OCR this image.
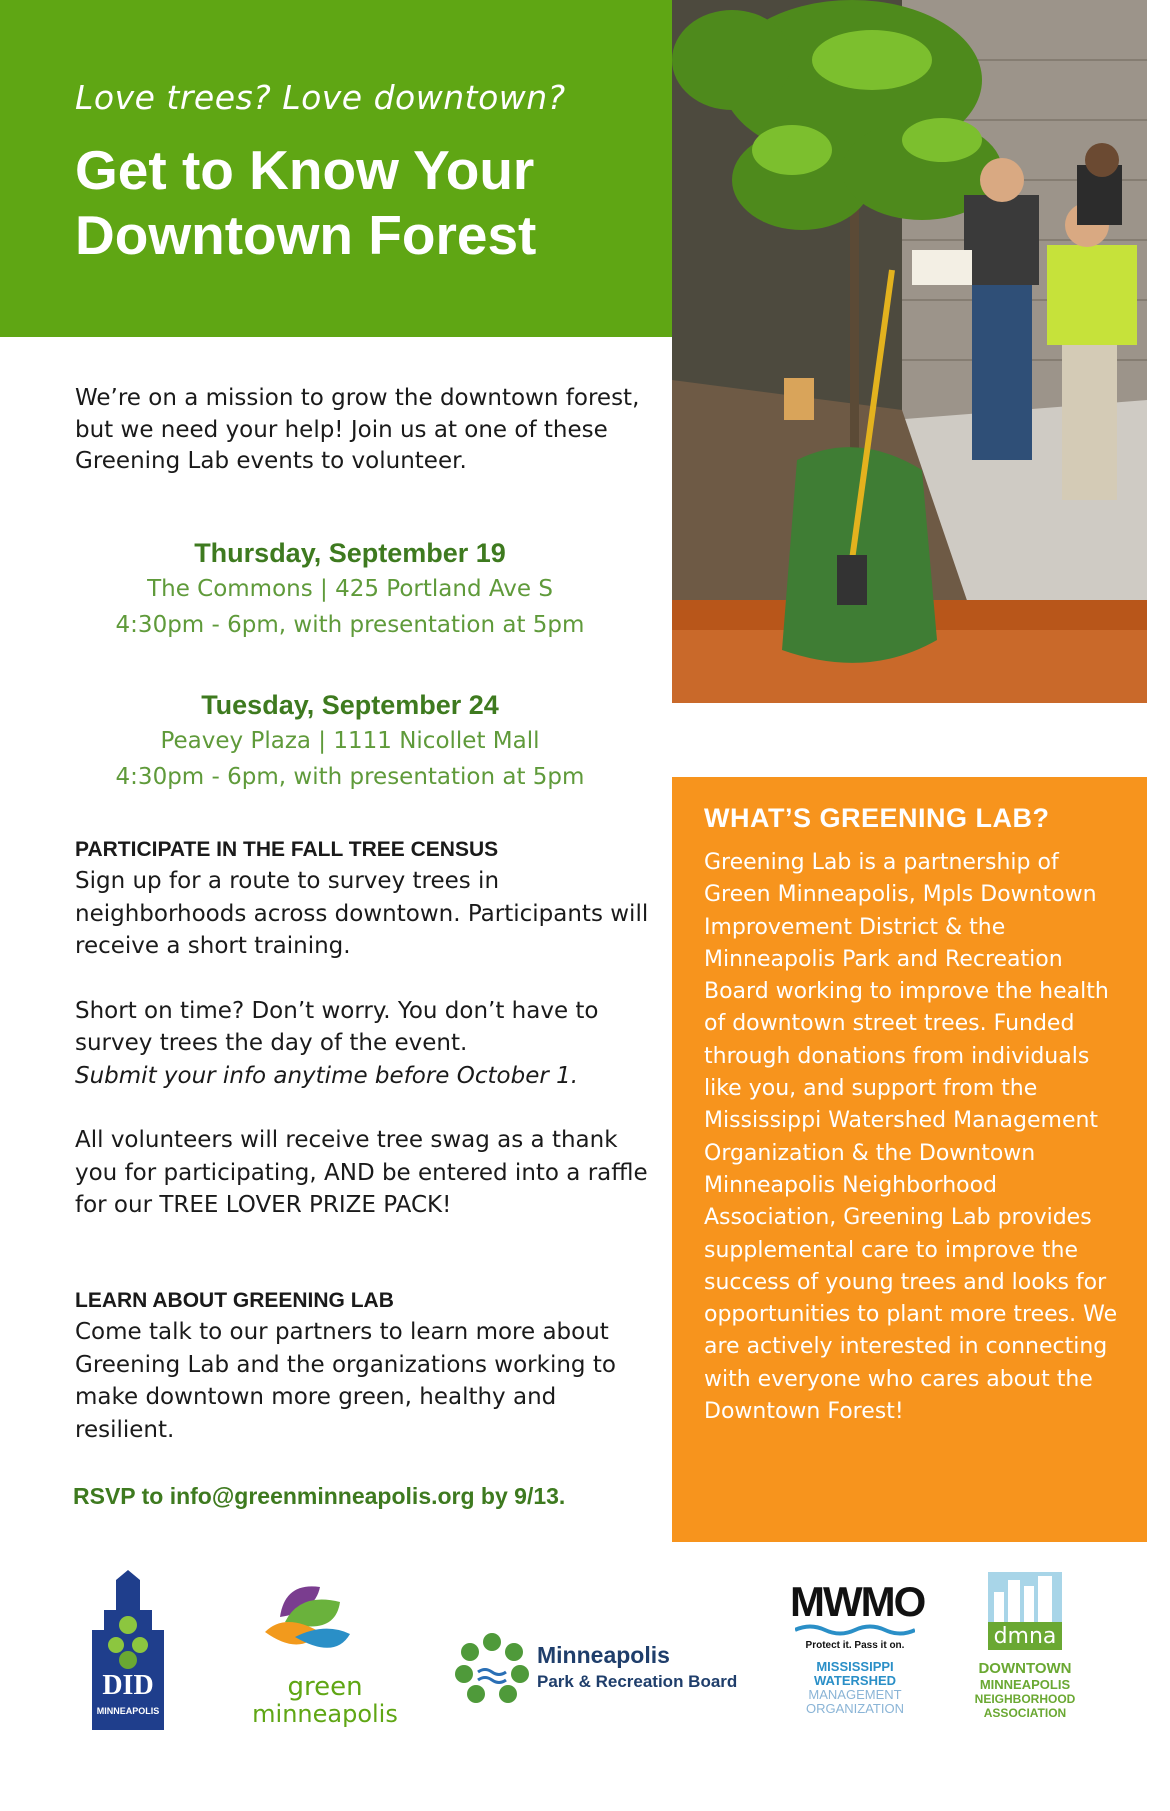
Love trees? Love downtown?
Get to Know Your Downtown Forest
We’re on a mission to grow the downtown forest, but we need your help! Join us at one of these Greening Lab events to volunteer.
Thursday, September 19
The Commons | 425 Portland Ave S
4:30pm - 6pm, with presentation at 5pm
Tuesday, September 24
Peavey Plaza | 1111 Nicollet Mall
4:30pm - 6pm, with presentation at 5pm
PARTICIPATE IN THE FALL TREE CENSUS
Sign up for a route to survey trees in neighborhoods across downtown. Participants will receive a short training.
Short on time? Don’t worry. You don’t have to survey trees the day of the event.
Submit your info anytime before October 1.
All volunteers will receive tree swag as a thank you for participating, AND be entered into a raffle for our TREE LOVER PRIZE PACK!
LEARN ABOUT GREENING LAB
Come talk to our partners to learn more about Greening Lab and the organizations working to make downtown more green, healthy and resilient.
RSVP to info@greenminneapolis.org by 9/13.
WHAT’S GREENING LAB?
Greening Lab is a partnership of Green Minneapolis, Mpls Downtown Improvement District & the Minneapolis Park and Recreation Board working to improve the health of downtown street trees. Funded through donations from individuals like you, and support from the Mississippi Watershed Management Organization & the Downtown Minneapolis Neighborhood Association, Greening Lab provides supplemental care to improve the success of young trees and looks for opportunities to plant more trees. We are actively interested in connecting with everyone who cares about the Downtown Forest!
DID
MINNEAPOLIS
green
minneapolis
Minneapolis
Park & Recreation Board
MWMO
Protect it. Pass it on.
MISSISSIPPI
WATERSHED
MANAGEMENT
ORGANIZATION
dmna
DOWNTOWN
MINNEAPOLIS
NEIGHBORHOOD
ASSOCIATION
